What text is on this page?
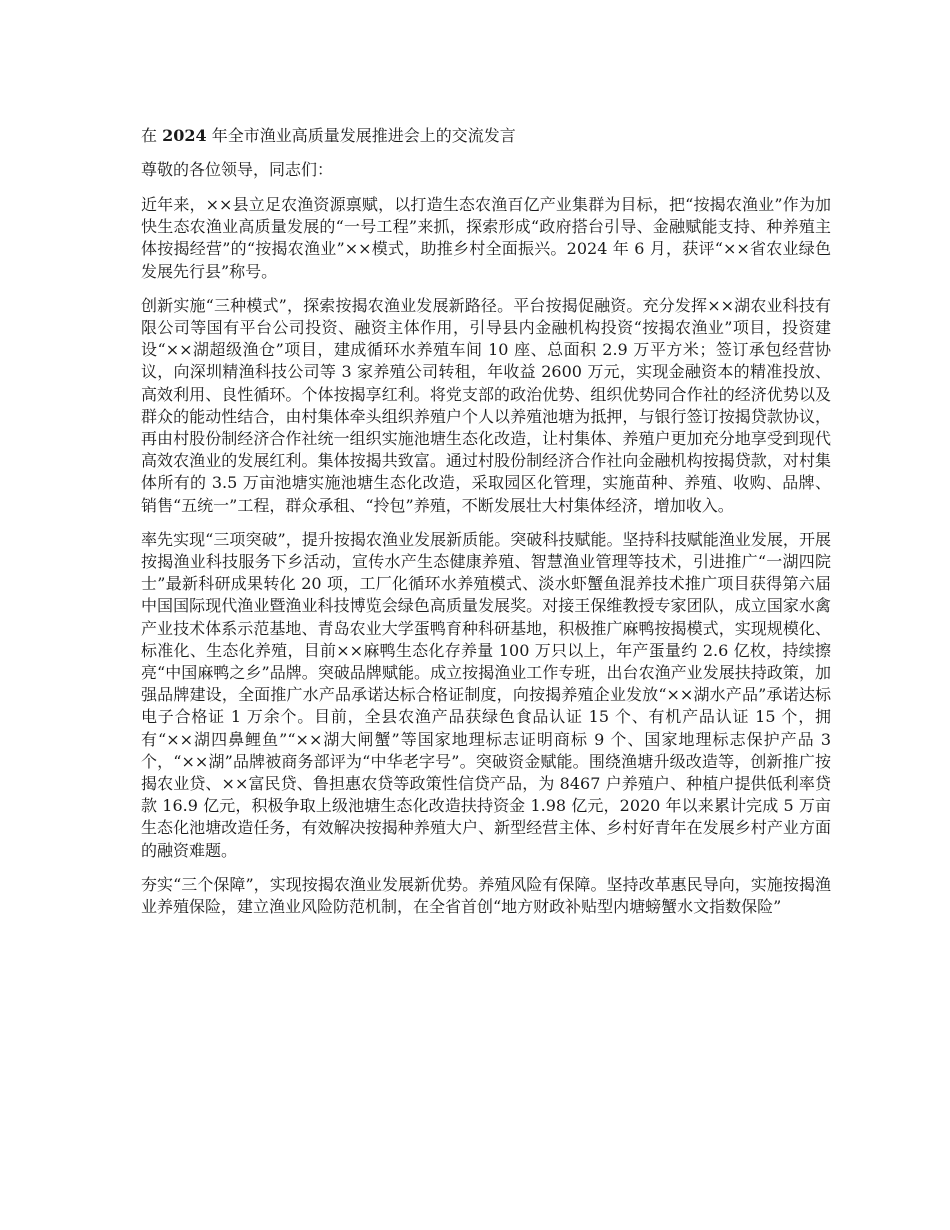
在 2024 年全市渔业高质量发展推进会上的交流发言
尊敬的各位领导，同志们：

近年来，××县立足农渔资源禀赋，以打造生态农渔百亿产业集群为目标，把“按揭农渔业”作为加快生态农渔业高质量发展的“一号工程”来抓，探索形成“政府搭台引导、金融赋能支持、种养殖主体按揭经营”的“按揭农渔业”××模式，助推乡村全面振兴。2024 年 6 月，获评“××省农业绿色发展先行县”称号。

创新实施“三种模式”，探索按揭农渔业发展新路径。平台按揭促融资。充分发挥××湖农业科技有限公司等国有平台公司投资、融资主体作用，引导县内金融机构投资“按揭农渔业”项目，投资建设“××湖超级渔仓”项目，建成循环水养殖车间 10 座、总面积 2.9 万平方米；签订承包经营协议，向深圳精渔科技公司等 3 家养殖公司转租，年收益 2600 万元，实现金融资本的精准投放、高效利用、良性循环。个体按揭享红利。将党支部的政治优势、组织优势同合作社的经济优势以及群众的能动性结合，由村集体牵头组织养殖户个人以养殖池塘为抵押，与银行签订按揭贷款协议，再由村股份制经济合作社统一组织实施池塘生态化改造，让村集体、养殖户更加充分地享受到现代高效农渔业的发展红利。集体按揭共致富。通过村股份制经济合作社向金融机构按揭贷款，对村集体所有的 3.5 万亩池塘实施池塘生态化改造，采取园区化管理，实施苗种、养殖、收购、品牌、销售“五统一”工程，群众承租、“拎包”养殖，不断发展壮大村集体经济，增加收入。

率先实现“三项突破”，提升按揭农渔业发展新质能。突破科技赋能。坚持科技赋能渔业发展，开展按揭渔业科技服务下乡活动，宣传水产生态健康养殖、智慧渔业管理等技术，引进推广“一湖四院士”最新科研成果转化 20 项，工厂化循环水养殖模式、淡水虾蟹鱼混养技术推广项目获得第六届中国国际现代渔业暨渔业科技博览会绿色高质量发展奖。对接王保维教授专家团队，成立国家水禽产业技术体系示范基地、青岛农业大学蛋鸭育种科研基地，积极推广麻鸭按揭模式，实现规模化、标准化、生态化养殖，目前××麻鸭生态化存养量 100 万只以上，年产蛋量约 2.6 亿枚，持续擦亮“中国麻鸭之乡”品牌。突破品牌赋能。成立按揭渔业工作专班，出台农渔产业发展扶持政策，加强品牌建设，全面推广水产品承诺达标合格证制度，向按揭养殖企业发放“××湖水产品”承诺达标电子合格证 1 万余个。目前，全县农渔产品获绿色食品认证 15 个、有机产品认证 15 个，拥有“××湖四鼻鲤鱼”“××湖大闸蟹”等国家地理标志证明商标 9 个、国家地理标志保护产品 3 个，“××湖”品牌被商务部评为“中华老字号”。突破资金赋能。围绕渔塘升级改造等，创新推广按揭农业贷、××富民贷、鲁担惠农贷等政策性信贷产品，为 8467 户养殖户、种植户提供低利率贷款 16.9 亿元，积极争取上级池塘生态化改造扶持资金 1.98 亿元，2020 年以来累计完成 5 万亩生态化池塘改造任务，有效解决按揭种养殖大户、新型经营主体、乡村好青年在发展乡村产业方面的融资难题。

夯实“三个保障”，实现按揭农渔业发展新优势。养殖风险有保障。坚持改革惠民导向，实施按揭渔业养殖保险，建立渔业风险防范机制，在全省首创“地方财政补贴型内塘螃蟹水文指数保险”
